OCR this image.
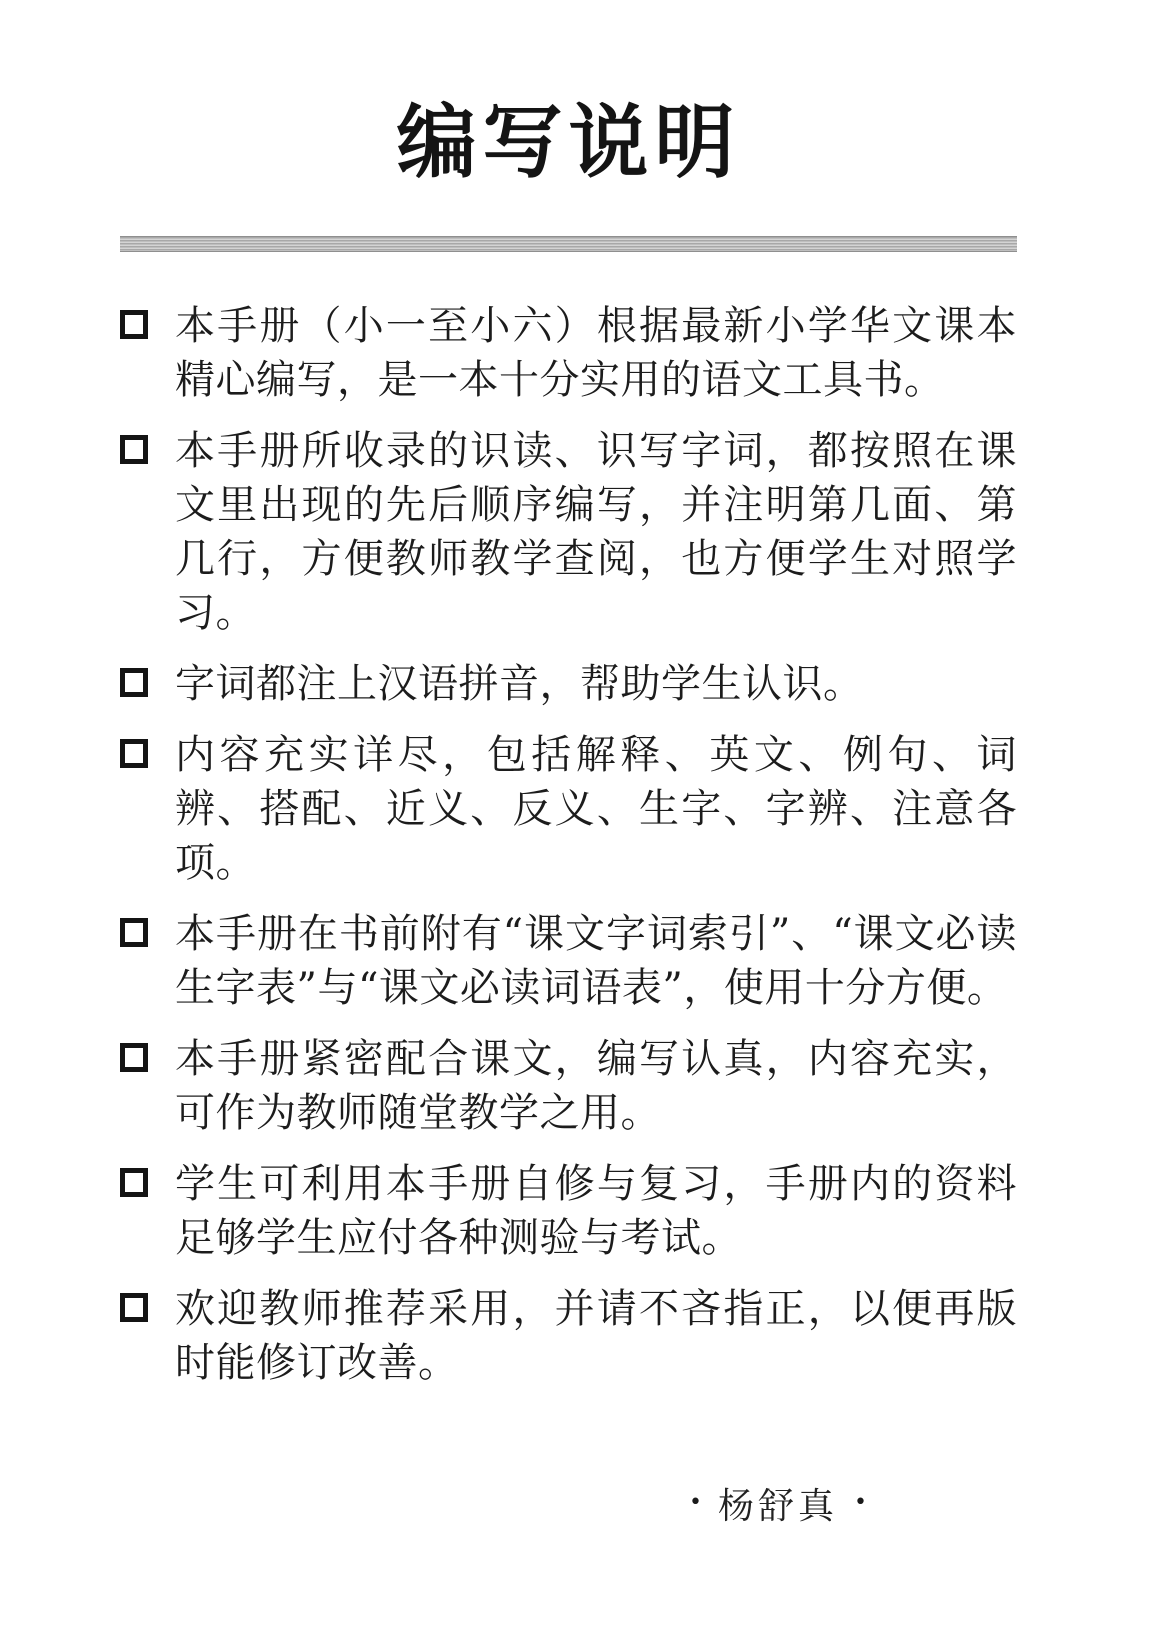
编写说明
本手册（小一至小六）根据最新小学华文课本精心编写，是一本十分实用的语文工具书。
本手册所收录的识读、识写字词，都按照在课文里出现的先后顺序编写，并注明第几面、第几行，方便教师教学查阅，也方便学生对照学习。
字词都注上汉语拼音，帮助学生认识。
内容充实详尽，包括解释、英文、例句、词辨、搭配、近义、反义、生字、字辨、注意各项。
本手册在书前附有“课文字词索引”、“课文必读生字表”与“课文必读词语表”，使用十分方便。
本手册紧密配合课文，编写认真，内容充实，可作为教师随堂教学之用。
学生可利用本手册自修与复习，手册内的资料足够学生应付各种测验与考试。
欢迎教师推荐采用，并请不吝指正，以便再版时能修订改善。
• 杨舒真 •
